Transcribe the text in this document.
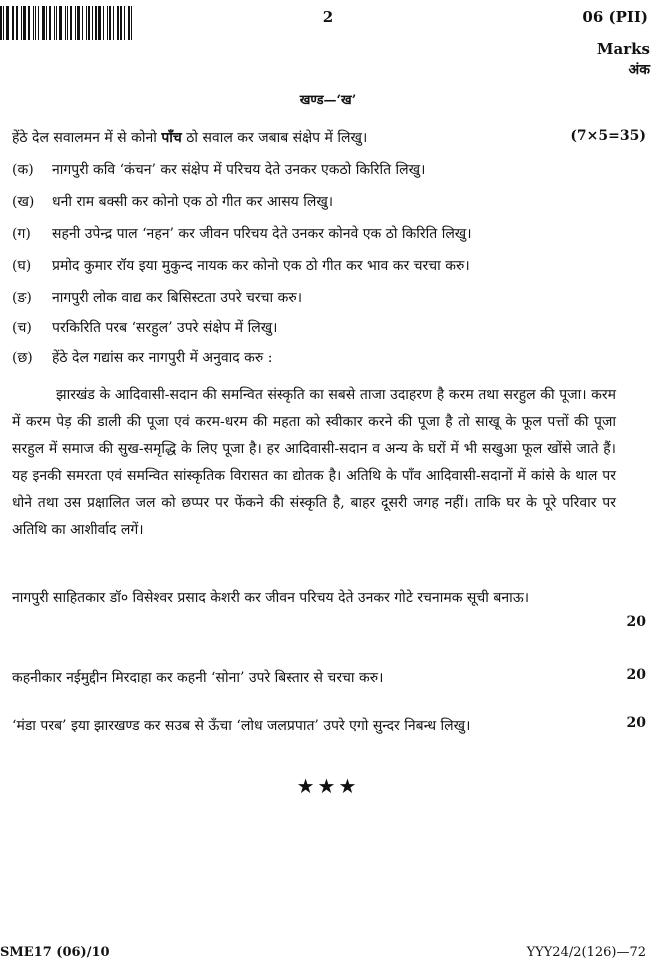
2	06 (PII)
Marks
अंक
खण्ड—‘ख’
हेंठे देल सवालमन में से कोनो पाँच ठो सवाल कर जबाब संक्षेप में लिखु।	(7×5=35)
(क) नागपुरी कवि ‘कंचन’ कर संक्षेप में परिचय देते उनकर एकठो किरिति लिखु।
(ख) धनी राम बक्सी कर कोनो एक ठो गीत कर आसय लिखु।
(ग) सहनी उपेन्द्र पाल ‘नहन’ कर जीवन परिचय देते उनकर कोनवे एक ठो किरिति लिखु।
(घ) प्रमोद कुमार रॉय इया मुकुन्द नायक कर कोनो एक ठो गीत कर भाव कर चरचा करु।
(ङ) नागपुरी लोक वाद्य कर बिसिस्टता उपरे चरचा करु।
(च) परकिरिति परब ‘सरहुल’ उपरे संक्षेप में लिखु।
(छ) हेंठे देल गद्यांस कर नागपुरी में अनुवाद करु :
झारखंड के आदिवासी-सदान की समन्वित संस्कृति का सबसे ताजा उदाहरण है करम तथा सरहुल की पूजा। करम में करम पेड़ की डाली की पूजा एवं करम-धरम की महता को स्वीकार करने की पूजा है तो साखू के फूल पत्तों की पूजा सरहुल में समाज की सुख-समृद्धि के लिए पूजा है। हर आदिवासी-सदान व अन्य के घरों में भी सखुआ फूल खोंसे जाते हैं। यह इनकी समरता एवं समन्वित सांस्कृतिक विरासत का द्योतक है। अतिथि के पाँव आदिवासी-सदानों में कांसे के थाल पर धोने तथा उस प्रक्षालित जल को छप्पर पर फेंकने की संस्कृति है, बाहर दूसरी जगह नहीं। ताकि घर के पूरे परिवार पर अतिथि का आशीर्वाद लगें।
नागपुरी साहितकार डॉ० विसेश्वर प्रसाद केशरी कर जीवन परिचय देते उनकर गोटे रचनामक सूची बनाऊ।
20
कहनीकार नईमुद्दीन मिरदाहा कर कहनी ‘सोना’ उपरे बिस्तार से चरचा करु।	20
‘मंडा परब’ इया झारखण्ड कर सउब से ऊँचा ‘लोध जलप्रपात’ उपरे एगो सुन्दर निबन्ध लिखु।	20
★★★
SME17 (06)/10	YYY24/2(126)—72
